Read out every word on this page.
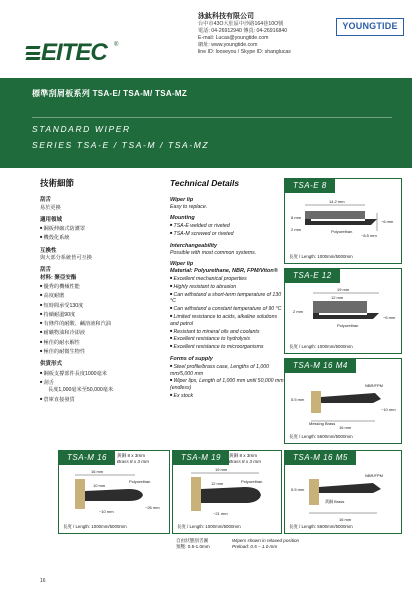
EITEC ®
泳鈦科技有限公司
台中市43O大肚區中沙路164巷10O號
電話: 04-26912940 傳真: 04-26916840
E-mail: Lucas@youngtide.com
網址: www.youngtide.com
line ID: looseyou / Skype ID: shanglucas
YOUNGTIDE
標準刮屑板系列 TSA-E/ TSA-M/ TSA-MZ
STANDARD WIPER
SERIES TSA-E / TSA-M / TSA-MZ
技術細節
刮舌
易於更換
適用領域
■ 鋼板伸縮式防護罩
■ 機殼化系統
互換性
與大部分系統皆可互換
刮舌
材料: 聚亞安酯
■ 優秀的機械性能
■ 高度耐磨
■ 短時間承受130度
■ 持續耐溫90度
■ 有條件的耐酸、鹹溶液和汽油
■ 耐礦物油和冷卻液
■ 極佳的耐水解性
■ 極佳的耐微生物性
供貨形式
■ 鋼板支撐部件長度1000毫米
■ 刮舌
長度1,000毫米至50,000毫米
■ 倉庫直接發貨
Technical Details
Wiper lip
Easy to replace.
Mounting
■ TSA-E welded or riveted
■ TSA-M screwed or riveted
Interchangeability
Possible with most common systems.
Wiper lip
Material: Polyurethane, NBR, FPM/Viton®
■ Excellent mechanical properties
■ Highly resistant to abrasion
■ Can withstand a short-term temperature of 130 °C
■ Can withstand a constant temperature of 90 °C
■ Limited resistance to acids, alkaline solutions and petrol
■ Resistant to mineral oils and coolants
■ Excellent resistance to hydrolysis
■ Excellent resistance to microorganisms
Forms of supply
■ Steel profile/brass case, Lengths of 1,000 mm/5,000 mm
■ Wiper lips, Length of 1,000 mm until 50,000 mm (endless)
■ Ex stock
14.2 mm
8 mm
Polyurethan
2 mm
~6 mm
~8.5 mm
TSA-E 8
長度 / Length: 1000mm/5000mm
19 mm
12 mm
Polyurethan
2 mm
~6 mm
TSA-E 12
長度 / Length: 1000mm/5000mm
NBR/FPM
Messing Brass
16 mm
~10 mm
5.5 mm
TSA-M 16 M4
長度 / Length: 5600mm/5000mm
16 mm
10 mm
Polyurethan
~10 mm
~26 mm
TSA-M 16	黃銅 8 x 3mm
Brass 8 x 3 mm
長度 / Length: 1000mm/5000mm
19 mm
12 mm	Polyurethan
~21 mm
TSA-M 19	黃銅 8 x 3mm
Brass 8 x 3 mm
長度 / Length: 1000mm/5000mm
NBR/FPM
黃銅 Brass
16 mm
5.5 mm
TSA-M 16 M5
長度 / Length: 5600mm/5000mm
自由狀態刮舌圖
預壓: 0.5-1.0mm
Wipers shown in relaxed position
Preload: 0.5 – 1.0 mm
16
